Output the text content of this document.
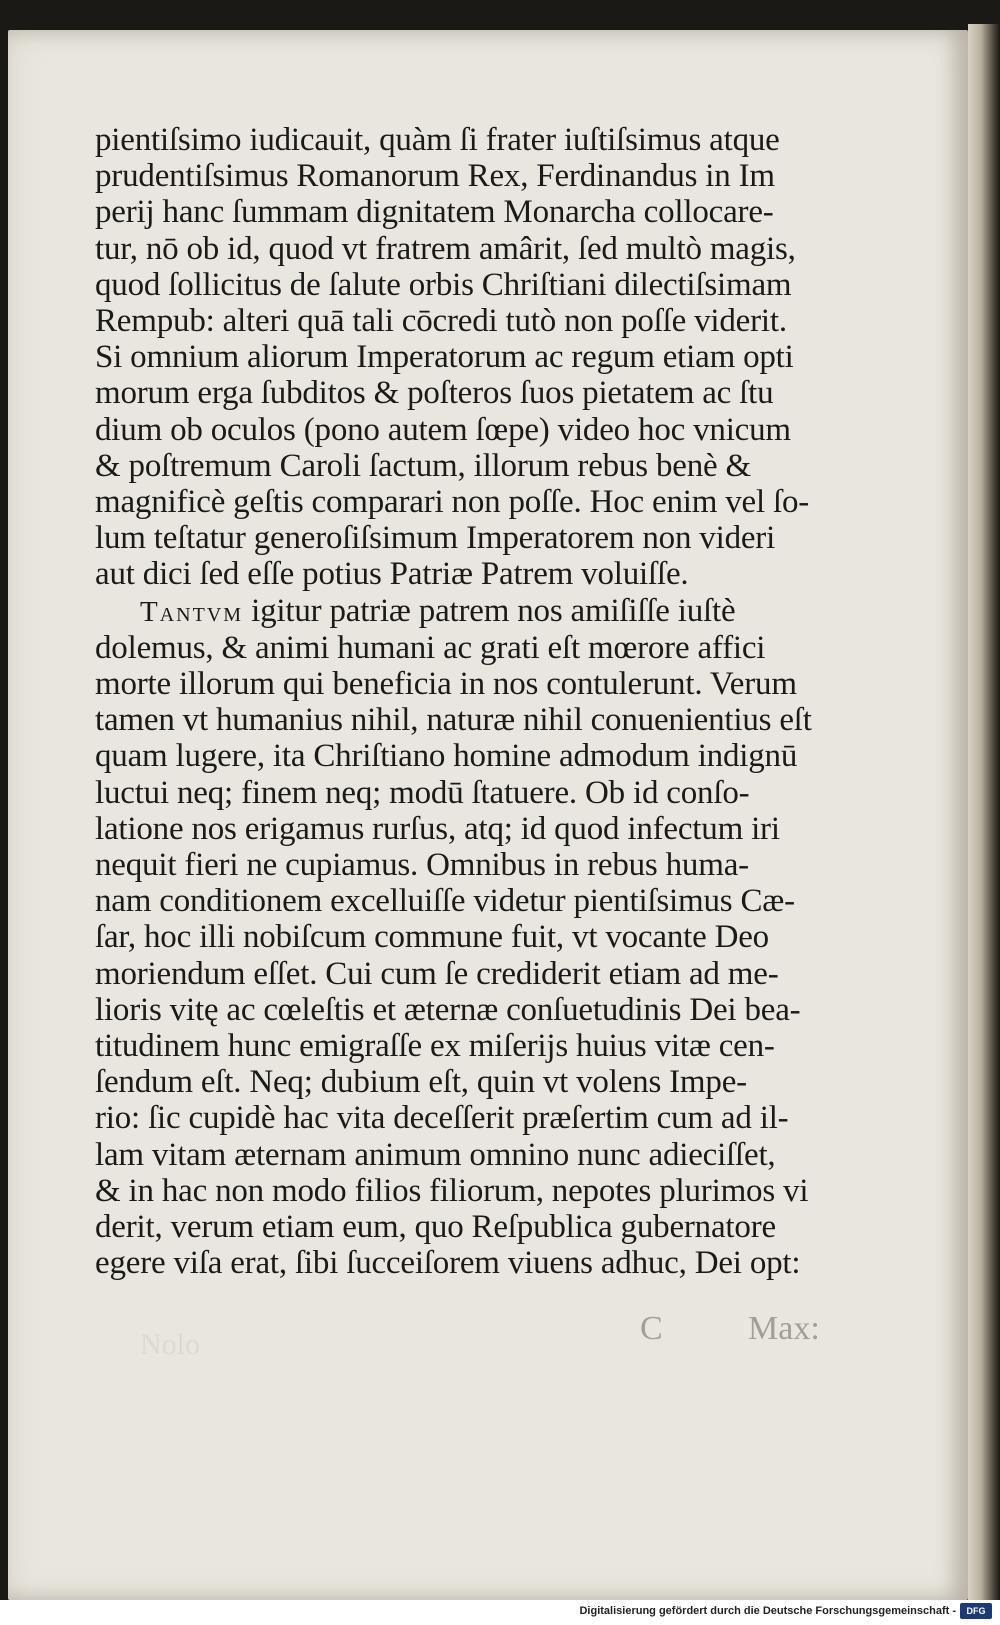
pientiſsimo iudicauit, quàm ſi frater iuſtiſsimus atque
prudentiſsimus Romanorum Rex, Ferdinandus in Im
perij hanc ſummam dignitatem Monarcha collocare-
tur, nō ob id, quod vt fratrem amârit, ſed multò magis,
quod ſollicitus de ſalute orbis Chriſtiani dilectiſsimam
Rempub: alteri quā tali cōcredi tutò non poſſe viderit.
Si omnium aliorum Imperatorum ac regum etiam opti
morum erga ſubditos & poſteros ſuos pietatem ac ſtu
dium ob oculos (pono autem ſœpe) video hoc vnicum
& poſtremum Caroli ſactum, illorum rebus benè &
magnificè geſtis comparari non poſſe. Hoc enim vel ſo-
lum teſtatur generoſiſsimum Imperatorem non videri
aut dici ſed eſſe potius Patriæ Patrem voluiſſe.
Tantvm igitur patriæ patrem nos amiſiſſe iuſtè
dolemus, & animi humani ac grati eſt mœrore affici
morte illorum qui beneficia in nos contulerunt. Verum
tamen vt humanius nihil, naturæ nihil conuenientius eſt
quam lugere, ita Chriſtiano homine admodum indignū
luctui neq; finem neq; modū ſtatuere. Ob id conſo-
latione nos erigamus rurſus, atq; id quod infectum iri
nequit fieri ne cupiamus. Omnibus in rebus huma-
nam conditionem excelluiſſe videtur pientiſsimus Cæ-
ſar, hoc illi nobiſcum commune fuit, vt vocante Deo
moriendum eſſet. Cui cum ſe crediderit etiam ad me-
lioris vitę ac cœleſtis et æternæ conſuetudinis Dei bea-
titudinem hunc emigraſſe ex miſerijs huius vitæ cen-
ſendum eſt. Neq; dubium eſt, quin vt volens Impe-
rio: ſic cupidè hac vita deceſſerit præſertim cum ad il-
lam vitam æternam animum omnino nunc adieciſſet,
& in hac non modo filios filiorum, nepotes plurimos vi
derit, verum etiam eum, quo Reſpublica gubernatore
egere viſa erat, ſibi ſucceiſorem viuens adhuc, Dei opt:
Nolo	C	Max:
Digitalisierung gefördert durch die Deutsche Forschungsgemeinschaft -	DFG
